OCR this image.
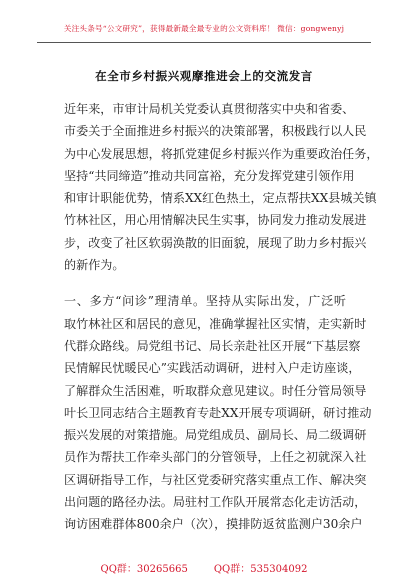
关注头条号“公文研究”，获得最新最全最专业的公文资料库！ 微信：gongwenyj
在全市乡村振兴观摩推进会上的交流发言
近年来，市审计局机关党委认真贯彻落实中央和省委、
市委关于全面推进乡村振兴的决策部署，积极践行以人民
为中心发展思想，将抓党建促乡村振兴作为重要政治任务，
坚持“共同缔造”推动共同富裕，充分发挥党建引领作用
和审计职能优势，情系XX红色热土，定点帮扶XX县城关镇
竹林社区，用心用情解决民生实事，协同发力推动发展进
步，改变了社区软弱涣散的旧面貌，展现了助力乡村振兴
的新作为。
一、多方“问诊”理清单。坚持从实际出发，广泛听
取竹林社区和居民的意见，准确掌握社区实情，走实新时
代群众路线。局党组书记、局长亲赴社区开展“下基层察
民情解民忧暖民心”实践活动调研，进村入户走访座谈，
了解群众生活困难，听取群众意见建议。时任分管局领导
叶长卫同志结合主题教育专赴XX开展专项调研，研讨推动
振兴发展的对策措施。局党组成员、副局长、局二级调研
员作为帮扶工作牵头部门的分管领导，上任之初就深入社
区调研指导工作，与社区党委研究落实重点工作、解决突
出问题的路径办法。局驻村工作队开展常态化走访活动，
询访困难群体800余户（次），摸排防返贫监测户30余户
QQ群：30265665	QQ群：535304092
